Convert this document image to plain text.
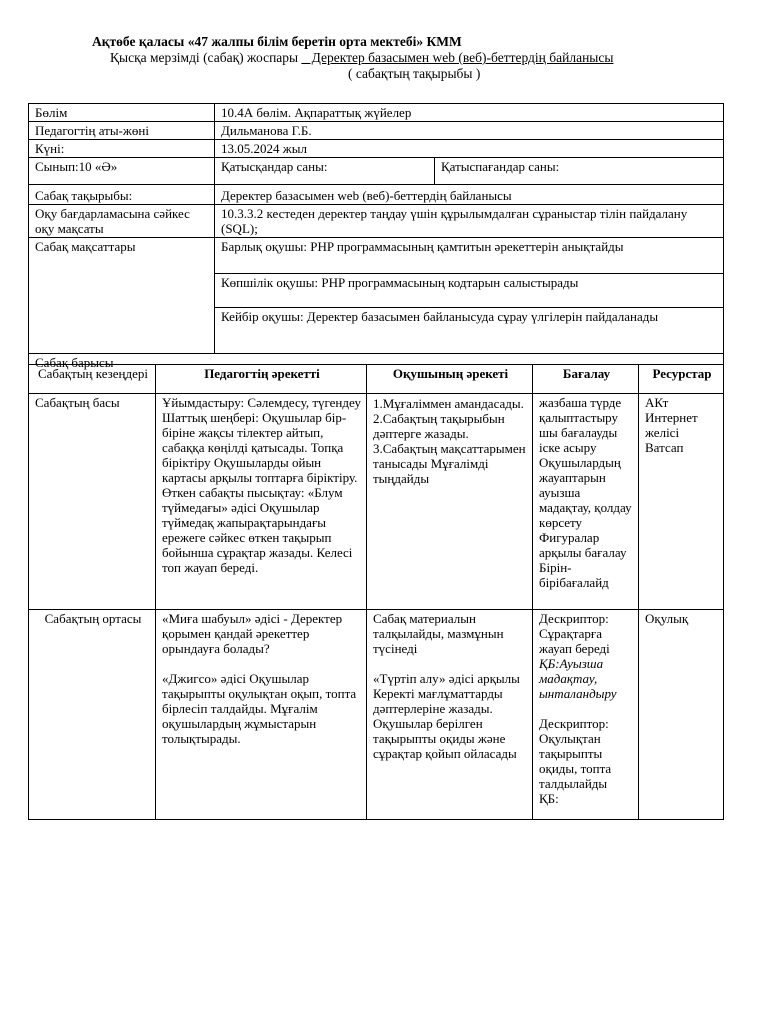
Ақтөбе қаласы «47 жалпы білім беретін орта мектебі» КММ
Қысқа мерзімді (сабақ) жоспары _ Деректер базасымен web (веб)-беттердің байланысы
( сабақтың тақырыбы )
Бөлім	10.4А бөлім. Ақпараттық жүйелер	
Педагогтің аты-жөні	Дильманова Г.Б.	
Күні:	13.05.2024 жыл	
Сынып:10 «Ә»	Қатысқандар саны:	Қатыспағандар саны:
Сабақ тақырыбы:	Деректер базасымен web (веб)-беттердің байланысы	
Оқу бағдарламасына сәйкес оқу мақсаты	10.3.3.2 кестеден деректер таңдау үшін құрылымдалған сұраныстар тілін пайдалану (SQL);	
Сабақ мақсаттары	Барлық оқушы: PHP программасының қамтитын әрекеттерін анықтайды	
	Көпшілік оқушы: PHP программасының кодтарын салыстырады	
	Кейбір оқушы: Деректер базасымен байланысуда сұрау үлгілерін пайдаланады	
Сабақ барысы		
Сабақтың кезеңдері	Педагогтің әрекетті	Оқушының әрекеті	Бағалау	Ресурстар
Сабақтың басы	Ұйымдастыру: Сәлемдесу, түгендеу Шаттық шеңбері: Оқушылар бір-біріне жақсы тілектер айтып, сабаққа көңілді қатысады. Топқа біріктіру Оқушыларды ойын картасы арқылы топтарға біріктіру. Өткен сабақты пысықтау: «Блум түймедағы» әдісі Оқушылар түймедақ жапырақтарындағы ережеге сәйкес өткен тақырып бойынша сұрақтар жазады. Келесі топ жауап береді.	1.Мұғаліммен амандасады. 2.Сабақтың тақырыбын дәптерге жазады. 3.Сабақтың мақсаттарымен танысады Мұғалімді тыңдайды	жазбаша түрде қалыптастыру шы бағалауды іске асыру Оқушылардың жауаптарын ауызша мадақтау, қолдау көрсету Фигуралар арқылы бағалау Бірін-бірібағалайд	АКт Интернет желісі Ватсап
Сабақтың ортасы	«Миға шабуыл» әдісі - Деректер қорымен қандай әрекеттер орындауға болады?
«Джигсо» әдісі Оқушылар тақырыпты оқулықтан оқып, топта бірлесіп талдайды. Мұғалім оқушылардың жұмыстарын толықтырады.	Сабақ материалын талқылайды, мазмұнын түсінеді
«Түртіп алу» әдісі арқылы
Керекті мағлұматтарды дәптерлеріне жазады. Оқушылар берілген тақырыпты оқиды және сұрақтар қойып ойласады	Дескриптор: Сұрақтарға жауап береді
ҚБ:Ауызша мадақтау, ынталандыру
Дескриптор: Оқулықтан тақырыпты оқиды, топта талдылайды
ҚБ:	Оқулық
